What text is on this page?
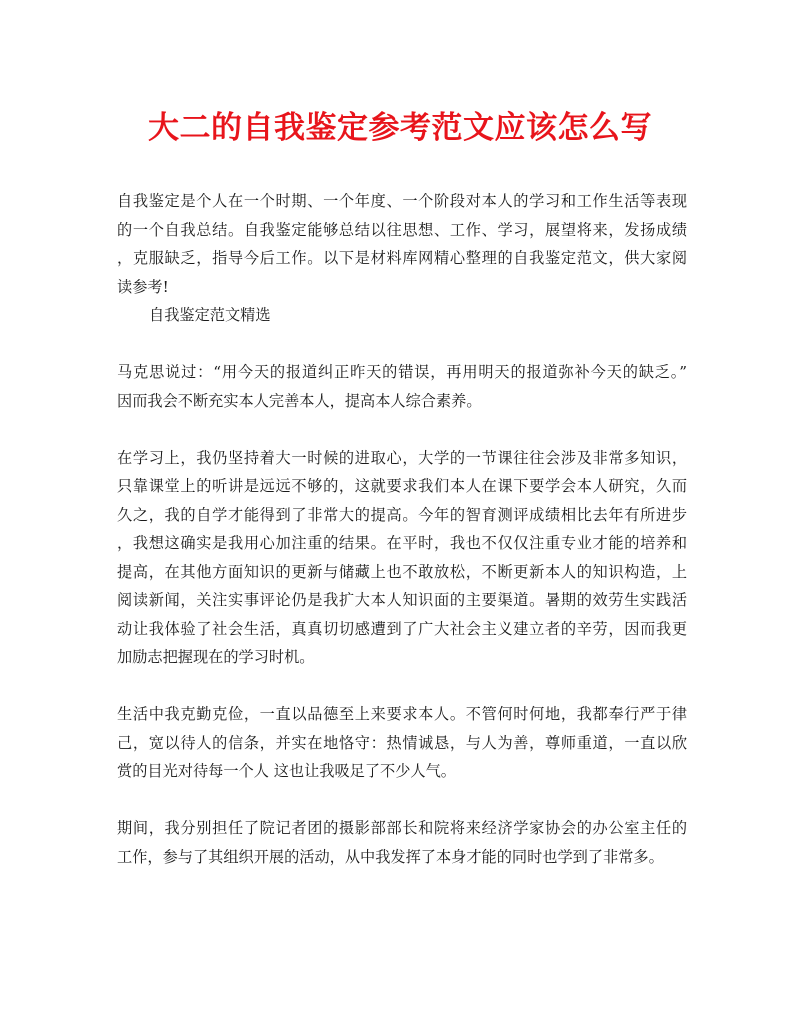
大二的自我鉴定参考范文应该怎么写
自我鉴定是个人在一个时期、一个年度、一个阶段对本人的学习和工作生活等表现
的一个自我总结。自我鉴定能够总结以往思想、工作、学习，展望将来，发扬成绩
，克服缺乏，指导今后工作。以下是材料库网精心整理的自我鉴定范文，供大家阅
读参考!
自我鉴定范文精选
马克思说过：“用今天的报道纠正昨天的错误，再用明天的报道弥补今天的缺乏。”
因而我会不断充实本人完善本人，提高本人综合素养。
在学习上，我仍坚持着大一时候的进取心，大学的一节课往往会涉及非常多知识，
只靠课堂上的听讲是远远不够的，这就要求我们本人在课下要学会本人研究，久而
久之，我的自学才能得到了非常大的提高。今年的智育测评成绩相比去年有所进步
，我想这确实是我用心加注重的结果。在平时，我也不仅仅注重专业才能的培养和
提高，在其他方面知识的更新与储藏上也不敢放松，不断更新本人的知识构造，上
阅读新闻，关注实事评论仍是我扩大本人知识面的主要渠道。暑期的效劳生实践活
动让我体验了社会生活，真真切切感遭到了广大社会主义建立者的辛劳，因而我更
加励志把握现在的学习时机。
生活中我克勤克俭，一直以品德至上来要求本人。不管何时何地，我都奉行严于律
己，宽以待人的信条，并实在地恪守：热情诚恳，与人为善，尊师重道，一直以欣
赏的目光对待每一个人 这也让我吸足了不少人气。
期间，我分别担任了院记者团的摄影部部长和院将来经济学家协会的办公室主任的
工作，参与了其组织开展的活动，从中我发挥了本身才能的同时也学到了非常多。
